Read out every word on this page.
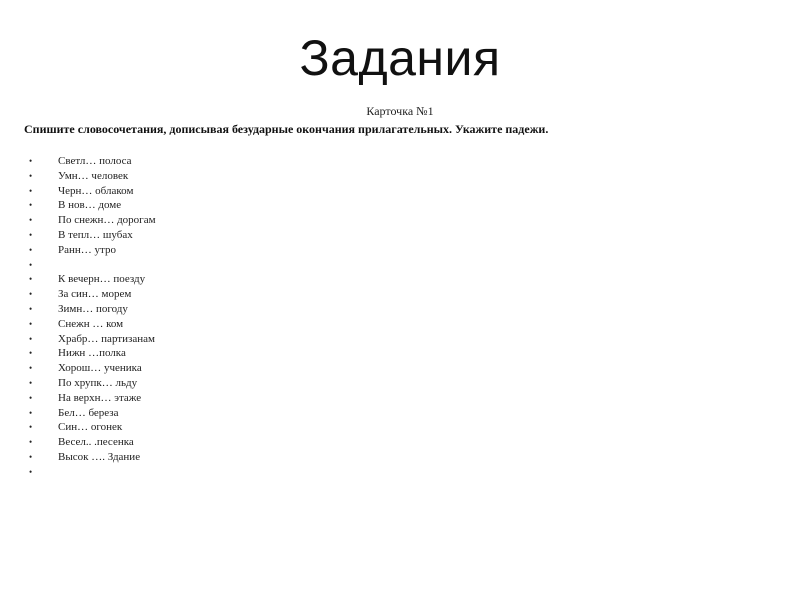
Задания
Карточка №1
Спишите словосочетания, дописывая безударные окончания прилагательных. Укажите падежи.
• Светл… полоса
• Умн… человек
• Черн… облаком
• В нов… доме
• По снежн… дорогам
• В тепл… шубах
• Ранн… утро
•
• К вечерн… поезду
• За син… морем
• Зимн… погоду
• Снежн … ком
• Храбр… партизанам
• Нижн …полка
• Хорош… ученика
• По хрупк… льду
• На верхн… этаже
• Бел… береза
• Син… огонек
• Весел.. .песенка
• Высок …. Здание
•
